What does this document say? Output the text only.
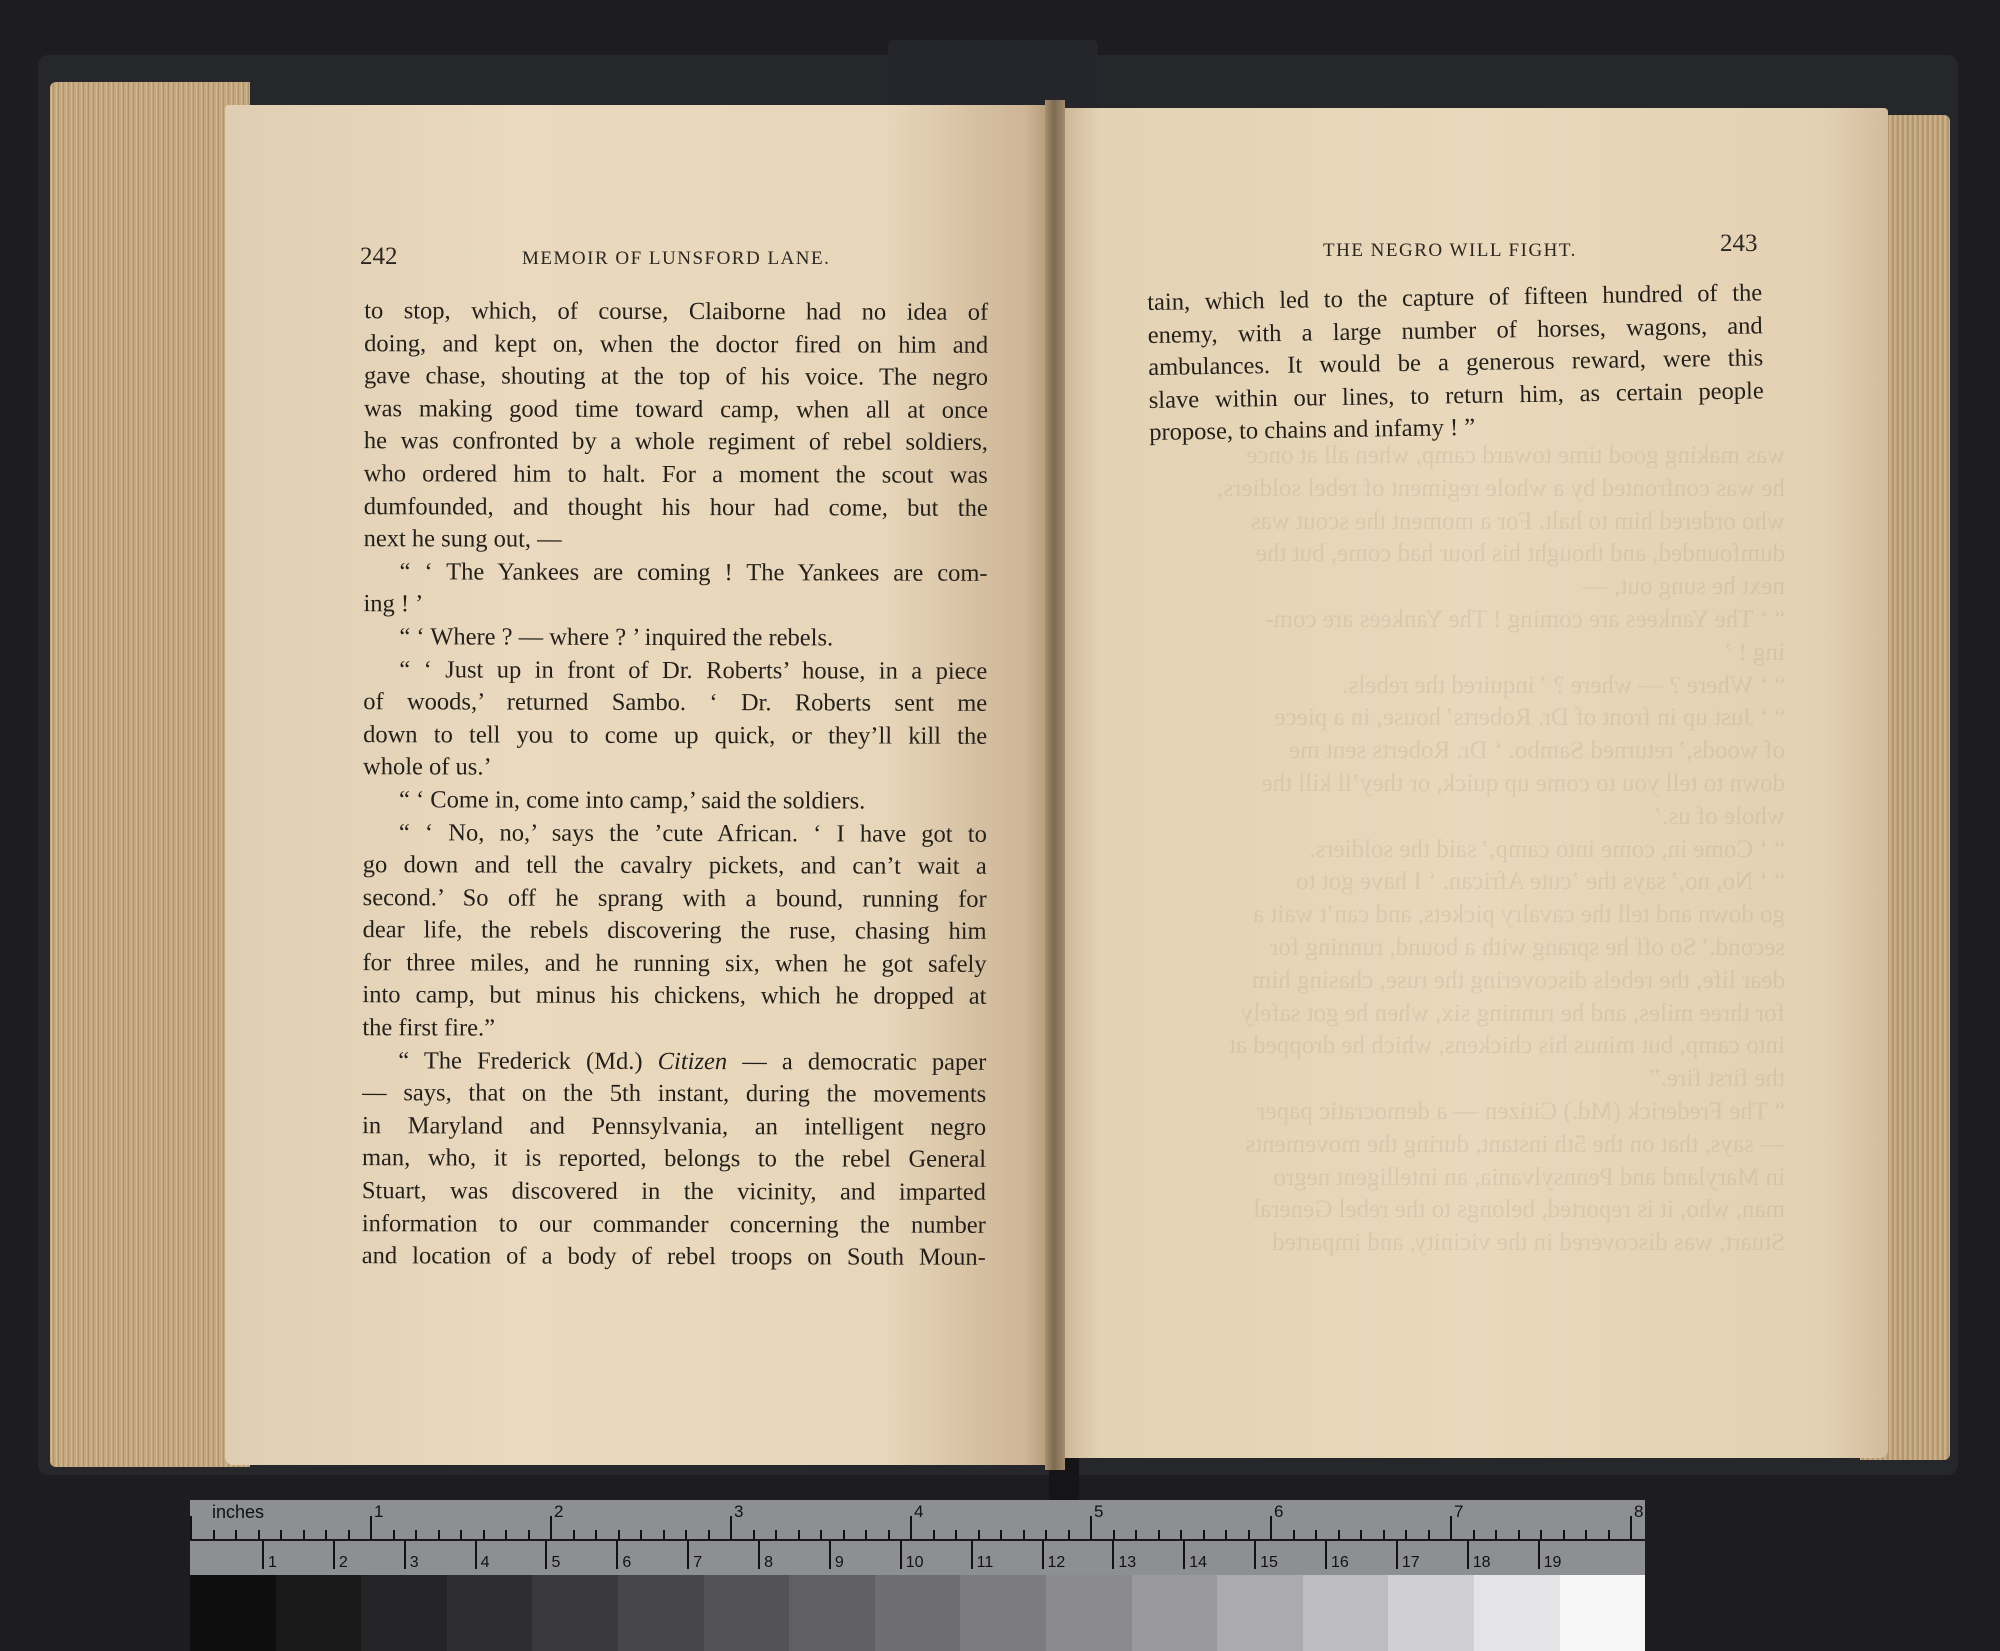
242	MEMOIR OF LUNSFORD LANE.
to stop, which, of course, Claiborne had no idea of
doing, and kept on, when the doctor fired on him and
gave chase, shouting at the top of his voice. The negro
was making good time toward camp, when all at once
he was confronted by a whole regiment of rebel soldiers,
who ordered him to halt. For a moment the scout was
dumfounded, and thought his hour had come, but the
next he sung out, —
“ ‘ The Yankees are coming ! The Yankees are com-
ing ! ’
“ ‘ Where ? — where ? ’ inquired the rebels.
“ ‘ Just up in front of Dr. Roberts’ house, in a piece
of woods,’ returned Sambo. ‘ Dr. Roberts sent me
down to tell you to come up quick, or they’ll kill the
whole of us.’
“ ‘ Come in, come into camp,’ said the soldiers.
“ ‘ No, no,’ says the ’cute African. ‘ I have got to
go down and tell the cavalry pickets, and can’t wait a
second.’ So off he sprang with a bound, running for
dear life, the rebels discovering the ruse, chasing him
for three miles, and he running six, when he got safely
into camp, but minus his chickens, which he dropped at
the first fire.”
“ The Frederick (Md.) Citizen — a democratic paper
— says, that on the 5th instant, during the movements
in Maryland and Pennsylvania, an intelligent negro
man, who, it is reported, belongs to the rebel General
Stuart, was discovered in the vicinity, and imparted
information to our commander concerning the number
and location of a body of rebel troops on South Moun-
THE NEGRO WILL FIGHT.	243
tain, which led to the capture of fifteen hundred of the
enemy, with a large number of horses, wagons, and
ambulances. It would be a generous reward, were this
slave within our lines, to return him, as certain people
propose, to chains and infamy ! ”
inches	1	2	3	4	5	6	7	8
1	2	3	4	5	6	7	8	9	10	11	12	13	14	15	16	17	18	19
